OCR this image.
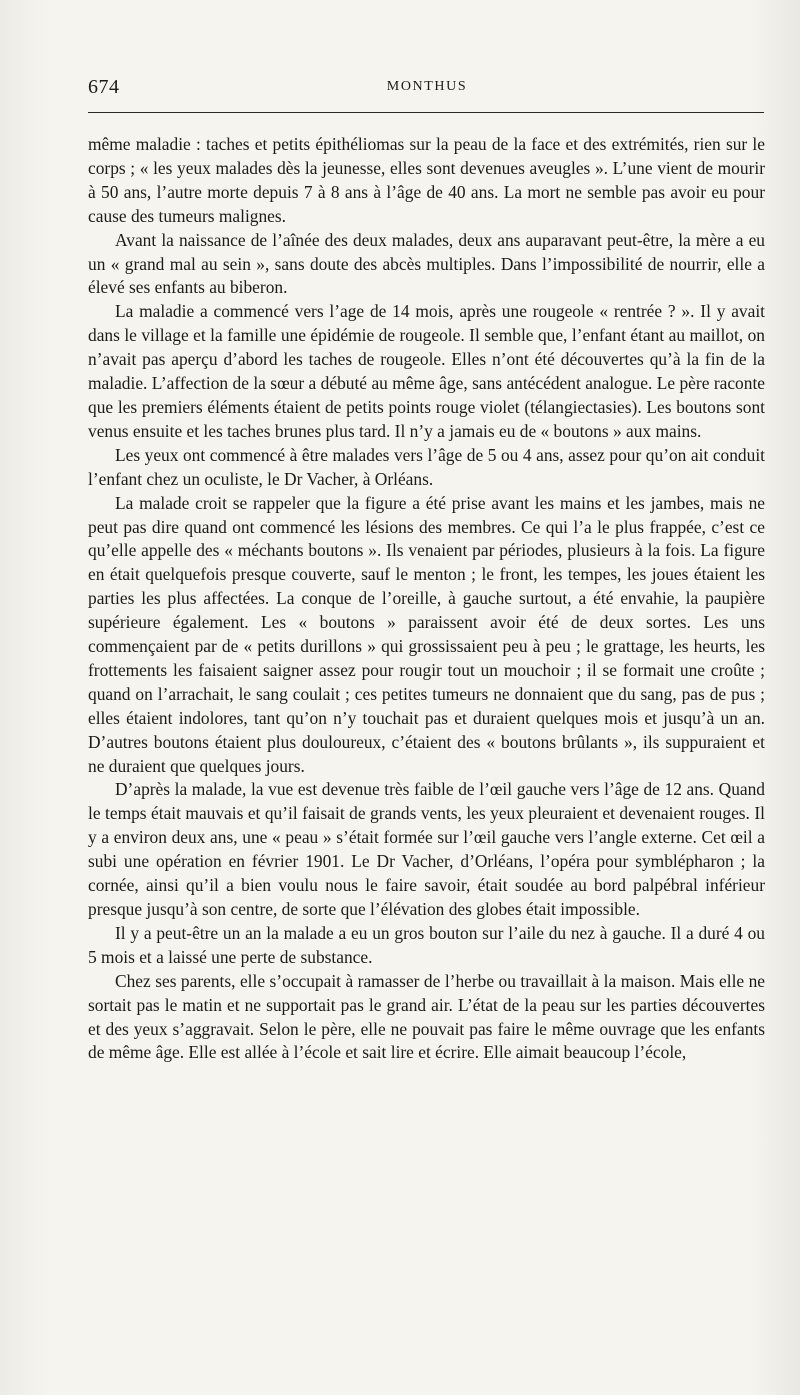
674	MONTHUS

même maladie : taches et petits épithéliomas sur la peau de la face et des extrémités, rien sur le corps ; « les yeux malades dès la jeunesse, elles sont devenues aveugles ». L’une vient de mourir à 50 ans, l’autre morte depuis 7 à 8 ans à l’âge de 40 ans. La mort ne semble pas avoir eu pour cause des tumeurs malignes.

Avant la naissance de l’aînée des deux malades, deux ans auparavant peut-être, la mère a eu un « grand mal au sein », sans doute des abcès multiples. Dans l’impossibilité de nourrir, elle a élevé ses enfants au biberon.

La maladie a commencé vers l’age de 14 mois, après une rougeole « rentrée ? ». Il y avait dans le village et la famille une épidémie de rougeole. Il semble que, l’enfant étant au maillot, on n’avait pas aperçu d’abord les taches de rougeole. Elles n’ont été découvertes qu’à la fin de la maladie. L’affection de la sœur a débuté au même âge, sans antécédent analogue. Le père raconte que les premiers éléments étaient de petits points rouge violet (télangiectasies). Les boutons sont venus ensuite et les taches brunes plus tard. Il n’y a jamais eu de « boutons » aux mains.

Les yeux ont commencé à être malades vers l’âge de 5 ou 4 ans, assez pour qu’on ait conduit l’enfant chez un oculiste, le Dr Vacher, à Orléans.

La malade croit se rappeler que la figure a été prise avant les mains et les jambes, mais ne peut pas dire quand ont commencé les lésions des membres. Ce qui l’a le plus frappée, c’est ce qu’elle appelle des « méchants boutons ». Ils venaient par périodes, plusieurs à la fois. La figure en était quelquefois presque couverte, sauf le menton ; le front, les tempes, les joues étaient les parties les plus affectées. La conque de l’oreille, à gauche surtout, a été envahie, la paupière supérieure également. Les « boutons » paraissent avoir été de deux sortes. Les uns commençaient par de « petits durillons » qui grossissaient peu à peu ; le grattage, les heurts, les frottements les faisaient saigner assez pour rougir tout un mouchoir ; il se formait une croûte ; quand on l’arrachait, le sang coulait ; ces petites tumeurs ne donnaient que du sang, pas de pus ; elles étaient indolores, tant qu’on n’y touchait pas et duraient quelques mois et jusqu’à un an. D’autres boutons étaient plus douloureux, c’étaient des « boutons brûlants », ils suppuraient et ne duraient que quelques jours.

D’après la malade, la vue est devenue très faible de l’œil gauche vers l’âge de 12 ans. Quand le temps était mauvais et qu’il faisait de grands vents, les yeux pleuraient et devenaient rouges. Il y a environ deux ans, une « peau » s’était formée sur l’œil gauche vers l’angle externe. Cet œil a subi une opération en février 1901. Le Dr Vacher, d’Orléans, l’opéra pour symblépharon ; la cornée, ainsi qu’il a bien voulu nous le faire savoir, était soudée au bord palpébral inférieur presque jusqu’à son centre, de sorte que l’élévation des globes était impossible.

Il y a peut-être un an la malade a eu un gros bouton sur l’aile du nez à gauche. Il a duré 4 ou 5 mois et a laissé une perte de substance.

Chez ses parents, elle s’occupait à ramasser de l’herbe ou travaillait à la maison. Mais elle ne sortait pas le matin et ne supportait pas le grand air. L’état de la peau sur les parties découvertes et des yeux s’aggravait. Selon le père, elle ne pouvait pas faire le même ouvrage que les enfants de même âge. Elle est allée à l’école et sait lire et écrire. Elle aimait beaucoup l’école,
